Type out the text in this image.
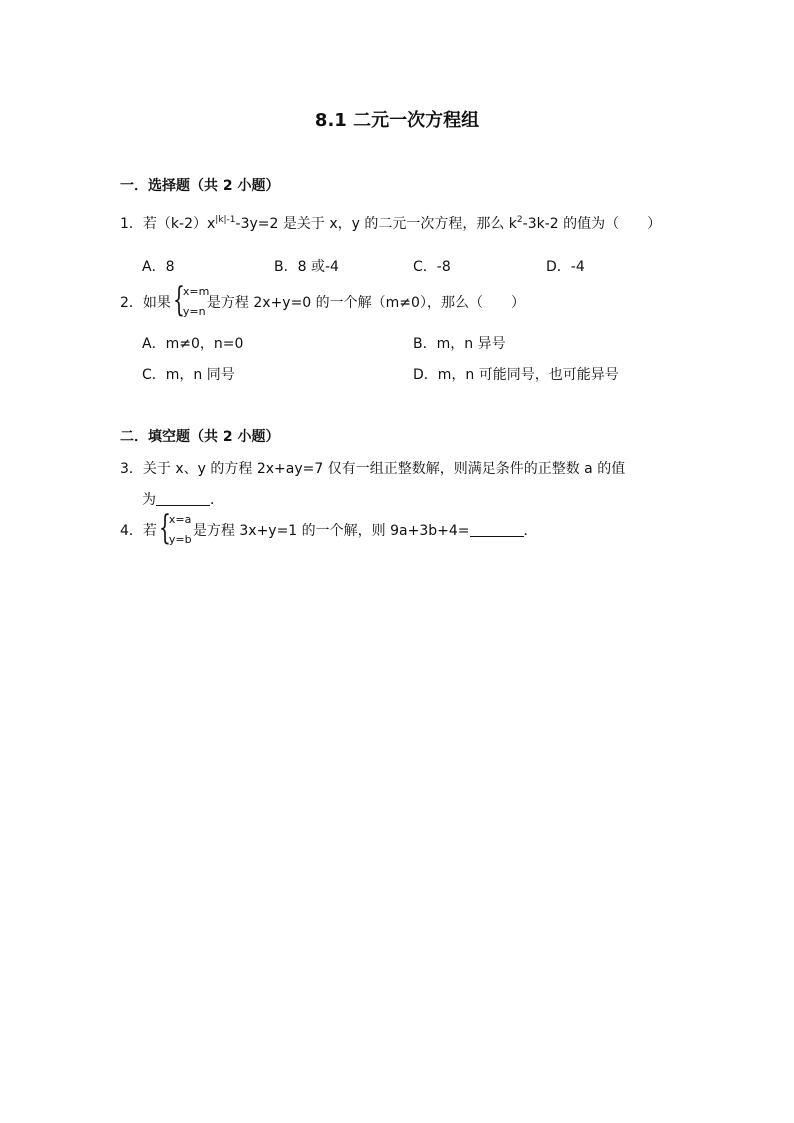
8.1 二元一次方程组
一．选择题（共 2 小题）
1．若$(k-2)x^{|k|-1}-3y=2$ 是关于 x，y 的二元一次方程，那么 $k^2-3k-2$ 的值为（　　）
A．8	B．8 或-4	C．-8	D．-4
2．如果 {
x=m
y=n
是方程 2x+y=0 的一个解（m≠0），那么（　　）
A．m≠0，n=0	B．m，n 异号
C．m，n 同号	D．m，n 可能同号，也可能异号
二．填空题（共 2 小题）
3．关于 x、y 的方程 2x+ay=7 仅有一组正整数解，则满足条件的正整数 a 的值
为	．
4．若 {
x=a
y=b
是方程 3x+y=1 的一个解，则 9a+3b+4=	．
